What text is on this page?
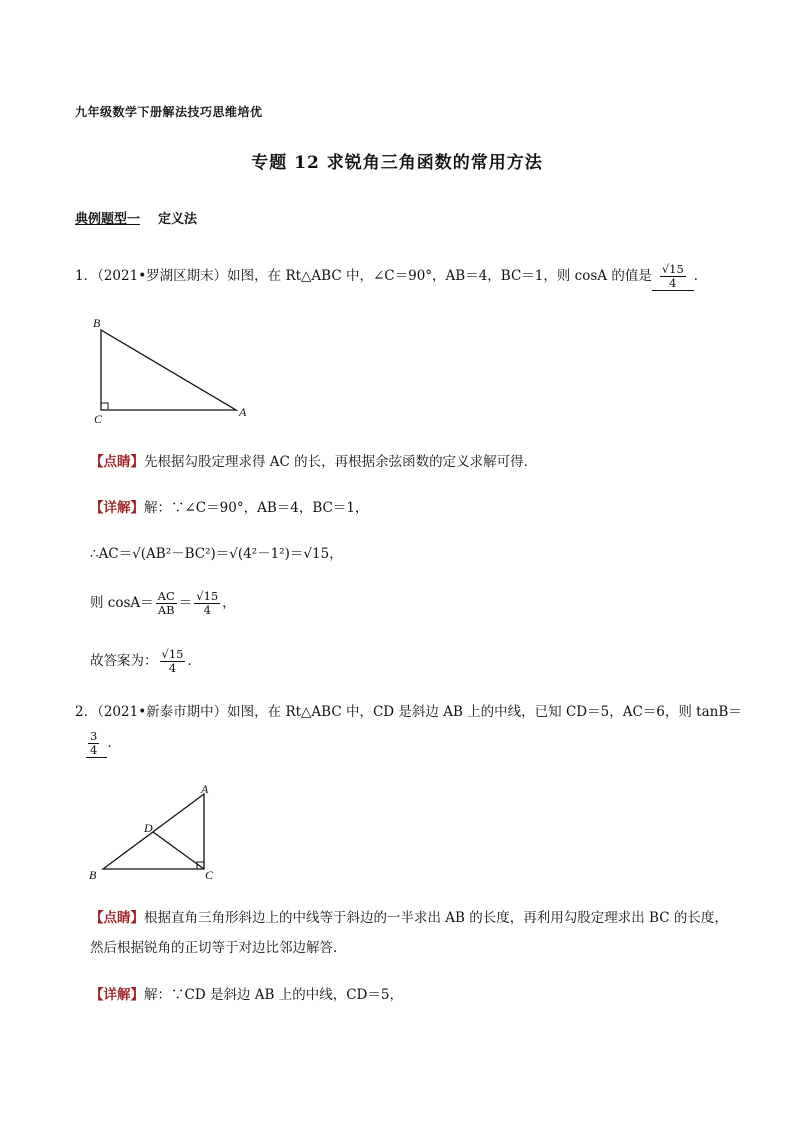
九年级数学下册解法技巧思维培优
专题 12 求锐角三角函数的常用方法
典例题型一 定义法
1．（2021•罗湖区期末）如图，在 Rt△ABC 中，∠C＝90°，AB＝4，BC＝1，则 cosA 的值是 $\frac{√15}{4}$ ．
B
C	A
【点睛】先根据勾股定理求得 AC 的长，再根据余弦函数的定义求解可得．
【详解】解：∵∠C＝90°，AB＝4，BC＝1，
∴AC＝√(AB²－BC²)＝√(4²－1²)＝√15，
则 $\cos A= \frac{AC}{AB} = \frac{√15}{4}$ ，
故答案为： $\frac{√15}{4}$ ．
2．（2021•新泰市期中）如图，在 Rt△ABC 中，CD 是斜边 AB 上的中线，已知 CD＝5，AC＝6，则 tanB＝
$\frac{3}{4}$ ．
A
D
B	C
【点睛】根据直角三角形斜边上的中线等于斜边的一半求出 AB 的长度，再利用勾股定理求出 BC 的长度，
然后根据锐角的正切等于对边比邻边解答．
【详解】解：∵CD 是斜边 AB 上的中线，CD＝5，
